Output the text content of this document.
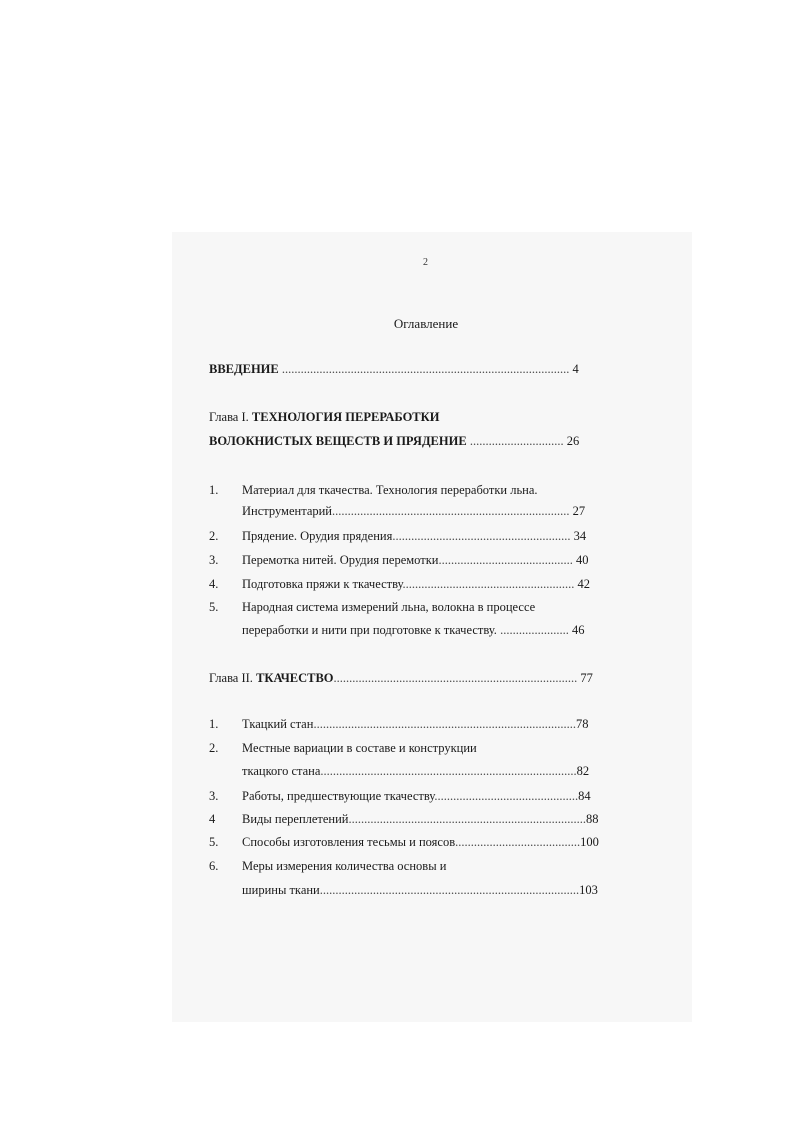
2
Оглавление
ВВЕДЕНИЕ ............................................................................................ 4
Глава I. ТЕХНОЛОГИЯ ПЕРЕРАБОТКИ
ВОЛОКНИСТЫХ ВЕЩЕСТВ И ПРЯДЕНИЕ .............................. 26
1. Материал для ткачества. Технология переработки льна.
Инструментарий............................................................................ 27
2. Прядение. Орудия прядения......................................................... 34
3. Перемотка нитей. Орудия перемотки........................................... 40
4. Подготовка пряжи к ткачеству....................................................... 42
5. Народная система измерений льна, волокна в процессе
переработки и нити при подготовке к ткачеству. ...................... 46
Глава II. ТКАЧЕСТВО.............................................................................. 77
1. Ткацкий стан....................................................................................78
2. Местные вариации в составе и конструкции
ткацкого стана..................................................................................82
3. Работы, предшествующие ткачеству..............................................84
4 Виды переплетений............................................................................88
5. Способы изготовления тесьмы и поясов........................................100
6. Меры измерения количества основы и
ширины ткани...................................................................................103
